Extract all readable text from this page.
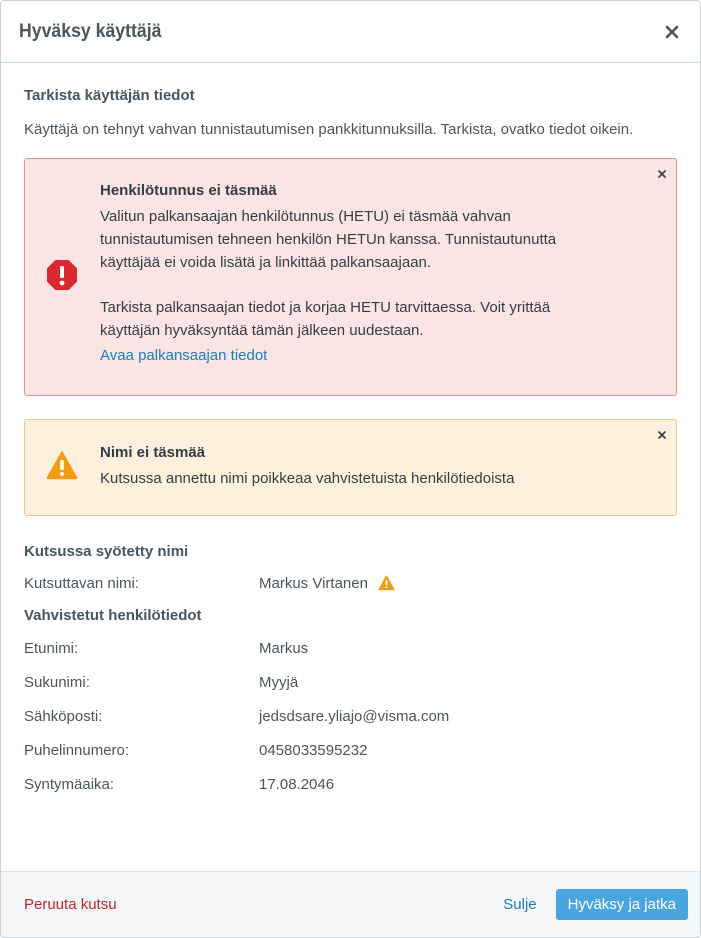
Hyväksy käyttäjä
Tarkista käyttäjän tiedot
Käyttäjä on tehnyt vahvan tunnistautumisen pankkitunnuksilla. Tarkista, ovatko tiedot oikein.
Henkilötunnus ei täsmää

Valitun palkansaajan henkilötunnus (HETU) ei täsmää vahvan tunnistautumisen tehneen henkilön HETUn kanssa. Tunnistautunutta käyttäjää ei voida lisätä ja linkittää palkansaajaan.

Tarkista palkansaajan tiedot ja korjaa HETU tarvittaessa. Voit yrittää käyttäjän hyväksyntää tämän jälkeen uudestaan.

Avaa palkansaajan tiedot
Nimi ei täsmää
Kutsussa annettu nimi poikkeaa vahvistetuista henkilötiedoista
Kutsussa syötetty nimi
Kutsuttavan nimi:	Markus Virtanen
Vahvistetut henkilötiedot
Etunimi:	Markus
Sukunimi:	Myyjä
Sähköposti:	jedsdsare.yliajo@visma.com
Puhelinnumero:	0458033595232
Syntymäaika:	17.08.2046
Peruuta kutsu	Sulje	Hyväksy ja jatka
